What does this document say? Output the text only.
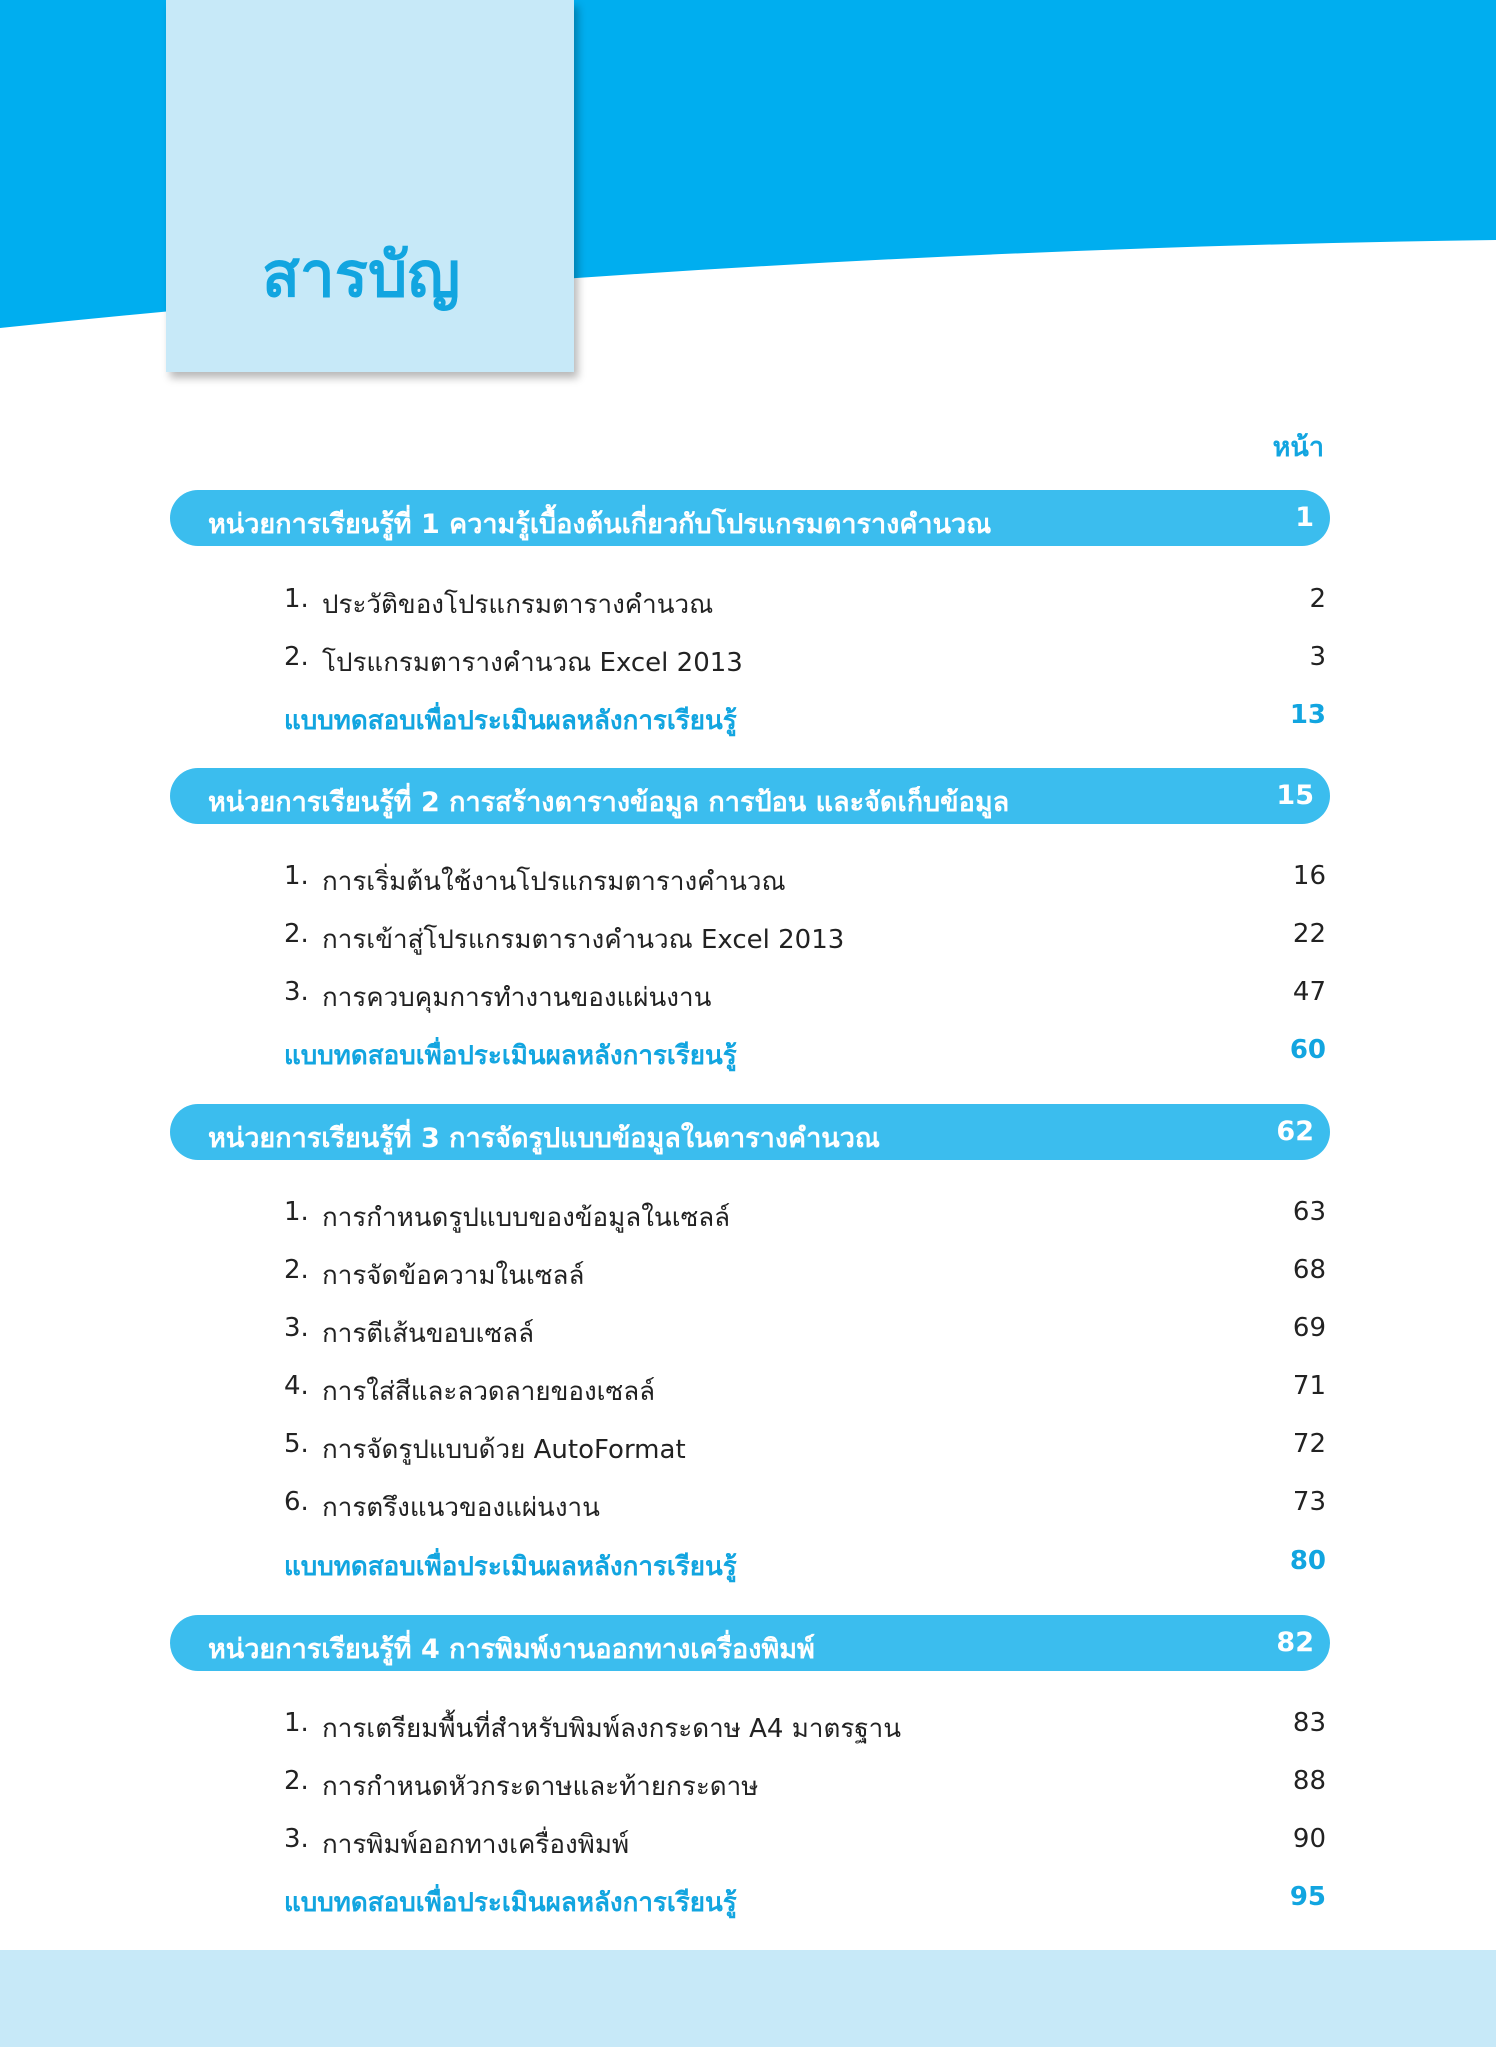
สารบัญ
หน้า
หน่วยการเรียนรู้ที่ 1 ความรู้เบื้องต้นเกี่ยวกับโปรแกรมตารางคำนวณ	1
1. ประวัติของโปรแกรมตารางคำนวณ	2
2. โปรแกรมตารางคำนวณ Excel 2013	3
แบบทดสอบเพื่อประเมินผลหลังการเรียนรู้	13
หน่วยการเรียนรู้ที่ 2 การสร้างตารางข้อมูล การป้อน และจัดเก็บข้อมูล	15
1. การเริ่มต้นใช้งานโปรแกรมตารางคำนวณ	16
2. การเข้าสู่โปรแกรมตารางคำนวณ Excel 2013	22
3. การควบคุมการทำงานของแผ่นงาน	47
แบบทดสอบเพื่อประเมินผลหลังการเรียนรู้	60
หน่วยการเรียนรู้ที่ 3 การจัดรูปแบบข้อมูลในตารางคำนวณ	62
1. การกำหนดรูปแบบของข้อมูลในเซลล์	63
2. การจัดข้อความในเซลล์	68
3. การตีเส้นขอบเซลล์	69
4. การใส่สีและลวดลายของเซลล์	71
5. การจัดรูปแบบด้วย AutoFormat	72
6. การตรึงแนวของแผ่นงาน	73
แบบทดสอบเพื่อประเมินผลหลังการเรียนรู้	80
หน่วยการเรียนรู้ที่ 4 การพิมพ์งานออกทางเครื่องพิมพ์	82
1. การเตรียมพื้นที่สำหรับพิมพ์ลงกระดาษ A4 มาตรฐาน	83
2. การกำหนดหัวกระดาษและท้ายกระดาษ	88
3. การพิมพ์ออกทางเครื่องพิมพ์	90
แบบทดสอบเพื่อประเมินผลหลังการเรียนรู้	95
